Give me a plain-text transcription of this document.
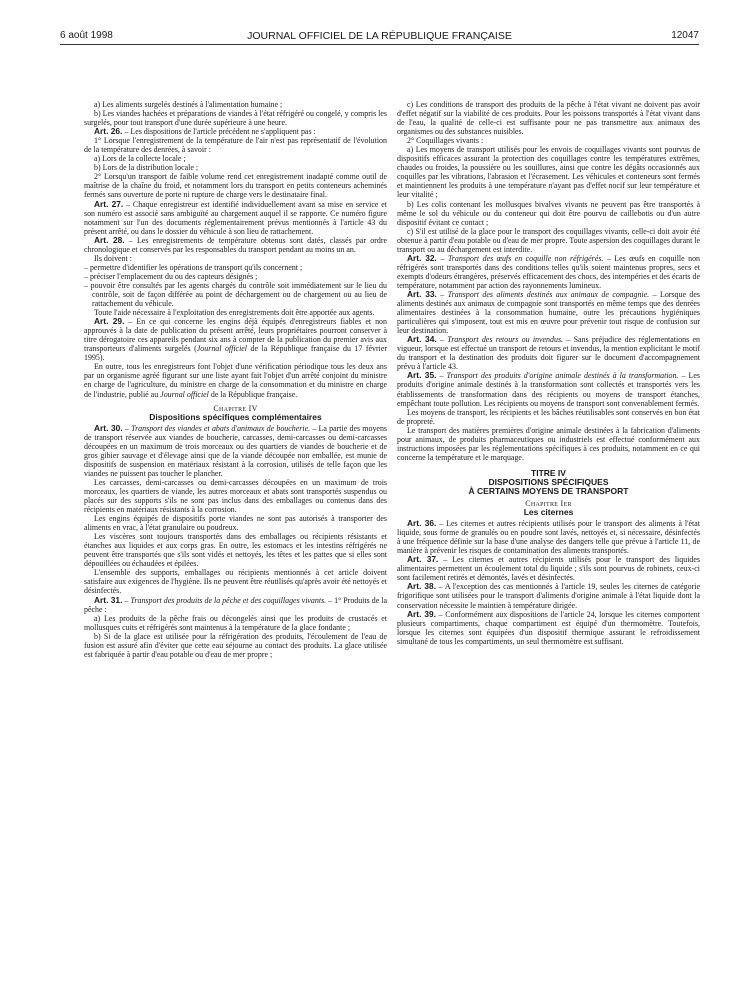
6 août 1998	JOURNAL OFFICIEL DE LA RÉPUBLIQUE FRANÇAISE	12047

a) Les aliments surgelés destinés à l'alimentation humaine ;

b) Les viandes hachées et préparations de viandes à l'état réfrigéré ou congelé, y compris les surgelés, pour tout transport d'une durée supérieure à une heure.

Art. 26. – Les dispositions de l'article précédent ne s'appliquent pas :

1° Lorsque l'enregistrement de la température de l'air n'est pas représentatif de l'évolution de la température des denrées, à savoir :

a) Lors de la collecte locale ;

b) Lors de la distribution locale ;

2° Lorsqu'un transport de faible volume rend cet enregistrement inadapté comme outil de maîtrise de la chaîne du froid, et notamment lors du transport en petits conteneurs acheminés fermés sans ouverture de porte ni rupture de charge vers le destinataire final.

Art. 27. – Chaque enregistreur est identifié individuellement avant sa mise en service et son numéro est associé sans ambiguïté au chargement auquel il se rapporte. Ce numéro figure notamment sur l'un des documents réglementairement prévus mentionnés à l'article 43 du présent arrêté, ou dans le dossier du véhicule à son lieu de rattachement.

Art. 28. – Les enregistrements de température obtenus sont datés, classés par ordre chronologique et conservés par les responsables du transport pendant au moins un an.

Ils doivent :

– permettre d'identifier les opérations de transport qu'ils concernent ;

– préciser l'emplacement du ou des capteurs désignés ;

– pouvoir être consultés par les agents chargés du contrôle soit immédiatement sur le lieu du contrôle, soit de façon différée au point de déchargement ou de chargement ou au lieu de rattachement du véhicule.

Toute l'aide nécessaire à l'exploitation des enregistrements doit être apportée aux agents.

Art. 29. – En ce qui concerne les engins déjà équipés d'enregistreurs fiables et non approuvés à la date de publication du présent arrêté, leurs propriétaires pourront conserver à titre dérogatoire ces appareils pendant six ans à compter de la publication du premier avis aux transporteurs d'aliments surgelés (Journal officiel de la République française du 17 février 1995).

En outre, tous les enregistreurs font l'objet d'une vérification périodique tous les deux ans par un organisme agréé figurant sur une liste ayant fait l'objet d'un arrêté conjoint du ministre en charge de l'agriculture, du ministre en charge de la consommation et du ministre en charge de l'industrie, publié au Journal officiel de la République française.

Chapitre IV

Dispositions spécifiques complémentaires

Art. 30. – Transport des viandes et abats d'animaux de boucherie. – La partie des moyens de transport réservée aux viandes de boucherie, carcasses, demi-carcasses ou demi-carcasses découpées en un maximum de trois morceaux ou des quartiers de viandes de boucherie et de gros gibier sauvage et d'élevage ainsi que de la viande découpée non emballée, est munie de dispositifs de suspension en matériaux résistant à la corrosion, utilisés de telle façon que les viandes ne puissent pas toucher le plancher.

Les carcasses, demi-carcasses ou demi-carcasses découpées en un maximum de trois morceaux, les quartiers de viande, les autres morceaux et abats sont transportés suspendus ou placés sur des supports s'ils ne sont pas inclus dans des emballages ou contenus dans des récipients en matériaux résistants à la corrosion.

Les engins équipés de dispositifs porte viandes ne sont pas autorisés à transporter des aliments en vrac, à l'état granulaire ou poudreux.

Les viscères sont toujours transportés dans des emballages ou récipients résistants et étanches aux liquides et aux corps gras. En outre, les estomacs et les intestins réfrigérés ne peuvent être transportés que s'ils sont vidés et nettoyés, les têtes et les pattes que si elles sont dépouillées ou échaudées et épilées.

L'ensemble des supports, emballages ou récipients mentionnés à cet article doivent satisfaire aux exigences de l'hygiène. Ils ne peuvent être réutilisés qu'après avoir été nettoyés et désinfectés.

Art. 31. – Transport des produits de la pêche et des coquillages vivants. – 1° Produits de la pêche :

a) Les produits de la pêche frais ou décongelés ainsi que les produits de crustacés et mollusques cuits et réfrigérés sont maintenus à la température de la glace fondante ;

b) Si de la glace est utilisée pour la réfrigération des produits, l'écoulement de l'eau de fusion est assuré afin d'éviter que cette eau séjourne au contact des produits. La glace utilisée est fabriquée à partir d'eau potable ou d'eau de mer propre ;

c) Les conditions de transport des produits de la pêche à l'état vivant ne doivent pas avoir d'effet négatif sur la viabilité de ces produits. Pour les poissons transportés à l'état vivant dans de l'eau, la qualité de celle-ci est suffisante pour ne pas transmettre aux animaux des organismes ou des substances nuisibles.

2° Coquillages vivants :

a) Les moyens de transport utilisés pour les envois de coquillages vivants sont pourvus de dispositifs efficaces assurant la protection des coquillages contre les températures extrêmes, chaudes ou froides, la poussière ou les souillures, ainsi que contre les dégâts occasionnés aux coquilles par les vibrations, l'abrasion et l'écrasement. Les véhicules et conteneurs sont fermés et maintiennent les produits à une température n'ayant pas d'effet nocif sur leur température et leur vitalité ;

b) Les colis contenant les mollusques bivalves vivants ne peuvent pas être transportés à même le sol du véhicule ou du conteneur qui doit être pourvu de caillebotis ou d'un autre dispositif évitant ce contact ;

c) S'il est utilisé de la glace pour le transport des coquillages vivants, celle-ci doit avoir été obtenue à partir d'eau potable ou d'eau de mer propre. Toute aspersion des coquillages durant le transport ou au déchargement est interdite.

Art. 32. – Transport des œufs en coquille non réfrigérés. – Les œufs en coquille non réfrigérés sont transportés dans des conditions telles qu'ils soient maintenus propres, secs et exempts d'odeurs étrangères, préservés efficacement des chocs, des intempéries et des écarts de température, notamment par action des rayonnements lumineux.

Art. 33. – Transport des aliments destinés aux animaux de compagnie. – Lorsque des aliments destinés aux animaux de compagnie sont transportés en même temps que des denrées alimentaires destinées à la consommation humaine, outre les précautions hygiéniques particulières qui s'imposent, tout est mis en œuvre pour prévenir tout risque de confusion sur leur destination.

Art. 34. – Transport des retours ou invendus. – Sans préjudice des réglementations en vigueur, lorsque est effectué un transport de retours et invendus, la mention explicitant le motif du transport et la destination des produits doit figurer sur le document d'accompagnement prévu à l'article 43.

Art. 35. – Transport des produits d'origine animale destinés à la transformation. – Les produits d'origine animale destinés à la transformation sont collectés et transportés vers les établissements de transformation dans des récipients ou moyens de transport étanches, empêchant toute pollution. Les récipients ou moyens de transport sont convenablement fermés.

Les moyens de transport, les récipients et les bâches réutilisables sont conservés en bon état de propreté.

Le transport des matières premières d'origine animale destinées à la fabrication d'aliments pour animaux, de produits pharmaceutiques ou industriels est effectué conformément aux instructions imposées par les réglementations spécifiques à ces produits, notamment en ce qui concerne la température et le marquage.

TITRE IV

DISPOSITIONS SPÉCIFIQUES

À CERTAINS MOYENS DE TRANSPORT

Chapitre Ier

Les citernes

Art. 36. – Les citernes et autres récipients utilisés pour le transport des aliments à l'état liquide, sous forme de granulés ou en poudre sont lavés, nettoyés et, si nécessaire, désinfectés à une fréquence définie sur la base d'une analyse des dangers telle que prévue à l'article 11, de manière à prévenir les risques de contamination des aliments transportés.

Art. 37. – Les citernes et autres récipients utilisés pour le transport des liquides alimentaires permettent un écoulement total du liquide ; s'ils sont pourvus de robinets, ceux-ci sont facilement retirés et démontés, lavés et désinfectés.

Art. 38. – A l'exception des cas mentionnés à l'article 19, seules les citernes de catégorie frigorifique sont utilisées pour le transport d'aliments d'origine animale à l'état liquide dont la conservation nécessite le maintien à température dirigée.

Art. 39. – Conformément aux dispositions de l'article 24, lorsque les citernes comportent plusieurs compartiments, chaque compartiment est équipé d'un thermomètre. Toutefois, lorsque les citernes sont équipées d'un dispositif thermique assurant le refroidissement simultané de tous les compartiments, un seul thermomètre est suffisant.
